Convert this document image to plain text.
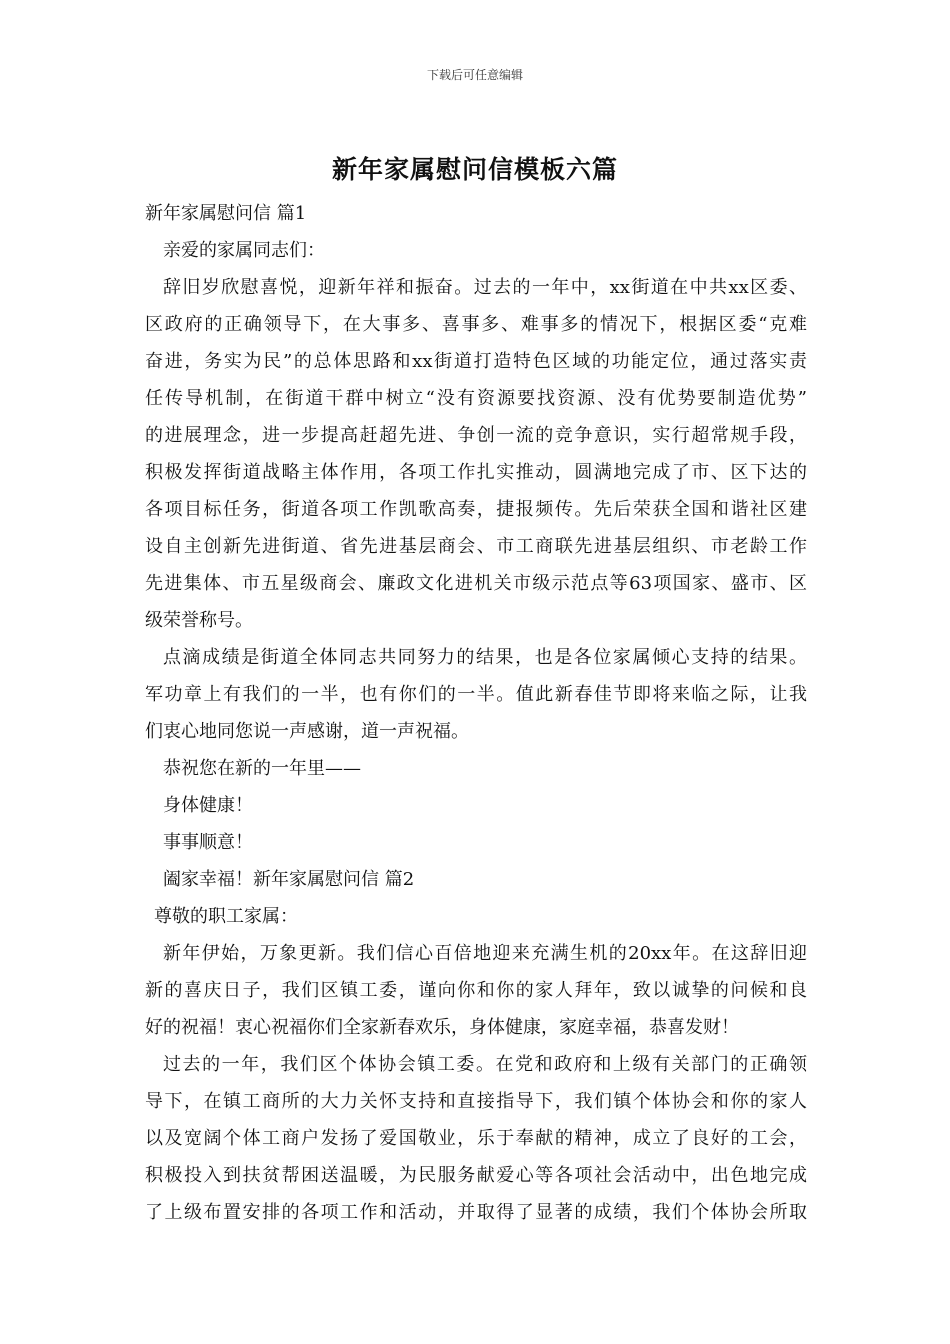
下载后可任意编辑
新年家属慰问信模板六篇
新年家属慰问信 篇1
亲爱的家属同志们：
辞旧岁欣慰喜悦，迎新年祥和振奋。过去的一年中，xx街道在中共xx区委、
区政府的正确领导下，在大事多、喜事多、难事多的情况下，根据区委“克难
奋进，务实为民”的总体思路和xx街道打造特色区域的功能定位，通过落实责
任传导机制，在街道干群中树立“没有资源要找资源、没有优势要制造优势”
的进展理念，进一步提高赶超先进、争创一流的竞争意识，实行超常规手段，
积极发挥街道战略主体作用，各项工作扎实推动，圆满地完成了市、区下达的
各项目标任务，街道各项工作凯歌高奏，捷报频传。先后荣获全国和谐社区建
设自主创新先进街道、省先进基层商会、市工商联先进基层组织、市老龄工作
先进集体、市五星级商会、廉政文化进机关市级示范点等63项国家、盛市、区
级荣誉称号。
点滴成绩是街道全体同志共同努力的结果，也是各位家属倾心支持的结果。
军功章上有我们的一半，也有你们的一半。值此新春佳节即将来临之际，让我
们衷心地同您说一声感谢，道一声祝福。
恭祝您在新的一年里——
身体健康！
事事顺意！
阖家幸福！新年家属慰问信 篇2
尊敬的职工家属：
新年伊始，万象更新。我们信心百倍地迎来充满生机的20xx年。在这辞旧迎
新的喜庆日子，我们区镇工委，谨向你和你的家人拜年，致以诚挚的问候和良
好的祝福！衷心祝福你们全家新春欢乐，身体健康，家庭幸福，恭喜发财！
过去的一年，我们区个体协会镇工委。在党和政府和上级有关部门的正确领
导下，在镇工商所的大力关怀支持和直接指导下，我们镇个体协会和你的家人
以及宽阔个体工商户发扬了爱国敬业，乐于奉献的精神，成立了良好的工会，
积极投入到扶贫帮困送温暖，为民服务献爱心等各项社会活动中，出色地完成
了上级布置安排的各项工作和活动，并取得了显著的成绩，我们个体协会所取
